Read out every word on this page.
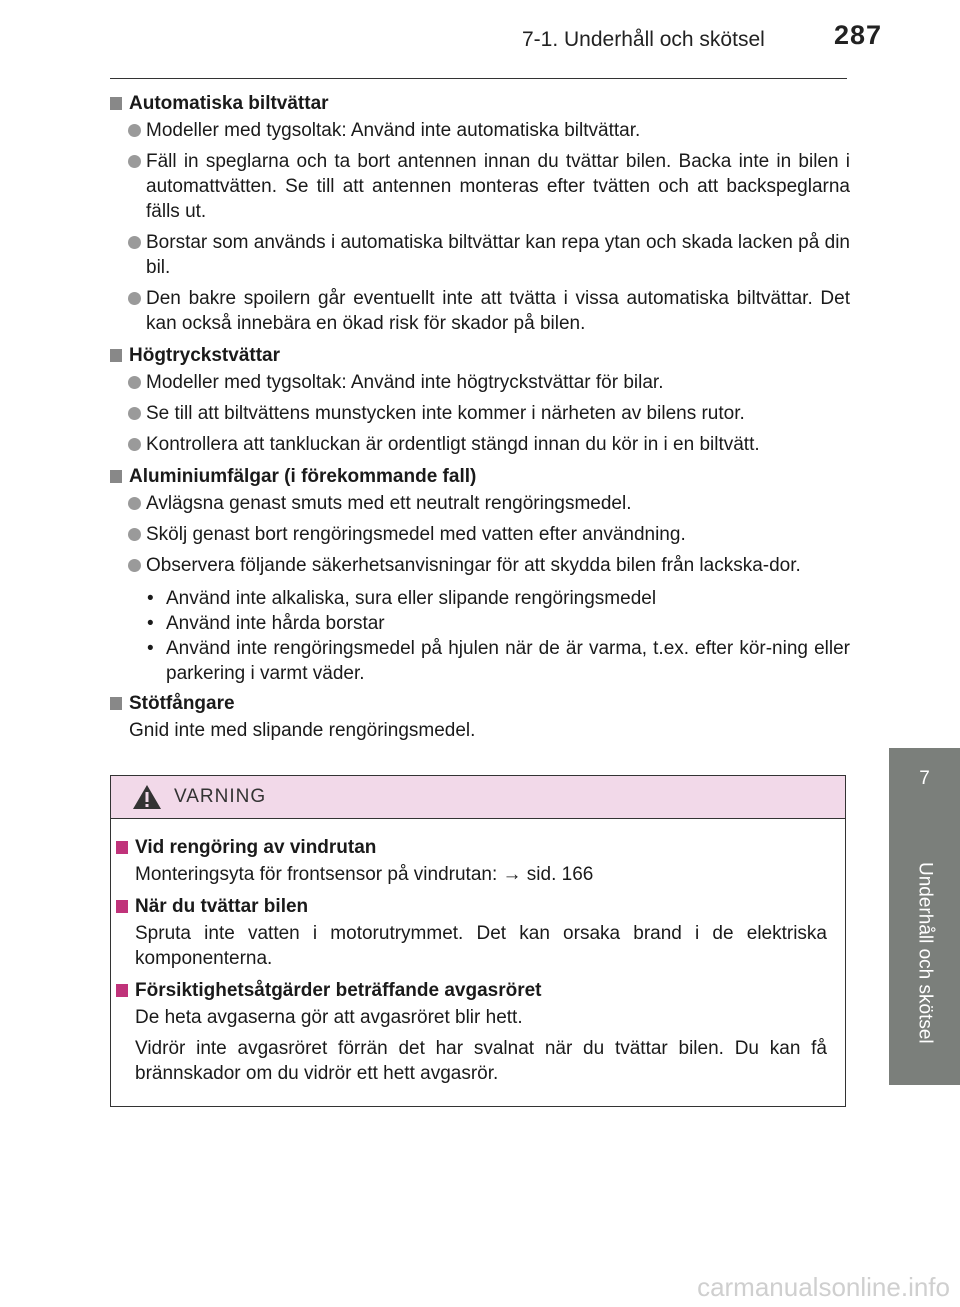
7-1. Underhåll och skötsel	287
7
Underhåll och skötsel

Automatiska biltvättar

Modeller med tygsoltak: Använd inte automatiska biltvättar.

Fäll in speglarna och ta bort antennen innan du tvättar bilen. Backa inte in bilen i automattvätten. Se till att antennen monteras efter tvätten och att backspeglarna fälls ut.

Borstar som används i automatiska biltvättar kan repa ytan och skada lacken på din bil.

Den bakre spoilern går eventuellt inte att tvätta i vissa automatiska biltvättar. Det kan också innebära en ökad risk för skador på bilen.

Högtryckstvättar

Modeller med tygsoltak: Använd inte högtryckstvättar för bilar.

Se till att biltvättens munstycken inte kommer i närheten av bilens rutor.

Kontrollera att tankluckan är ordentligt stängd innan du kör in i en biltvätt.

Aluminiumfälgar (i förekommande fall)

Avlägsna genast smuts med ett neutralt rengöringsmedel.

Skölj genast bort rengöringsmedel med vatten efter användning.

Observera följande säkerhetsanvisningar för att skydda bilen från lackska-dor.

• Använd inte alkaliska, sura eller slipande rengöringsmedel

• Använd inte hårda borstar

• Använd inte rengöringsmedel på hjulen när de är varma, t.ex. efter kör-ning eller parkering i varmt väder.

Stötfångare

Gnid inte med slipande rengöringsmedel.

VARNING

Vid rengöring av vindrutan

Monteringsyta för frontsensor på vindrutan: → sid. 166

När du tvättar bilen

Spruta inte vatten i motorutrymmet. Det kan orsaka brand i de elektriska komponenterna.

Försiktighetsåtgärder beträffande avgasröret

De heta avgaserna gör att avgasröret blir hett.

Vidrör inte avgasröret förrän det har svalnat när du tvättar bilen. Du kan få brännskador om du vidrör ett hett avgasrör.

carmanualsonline.info
